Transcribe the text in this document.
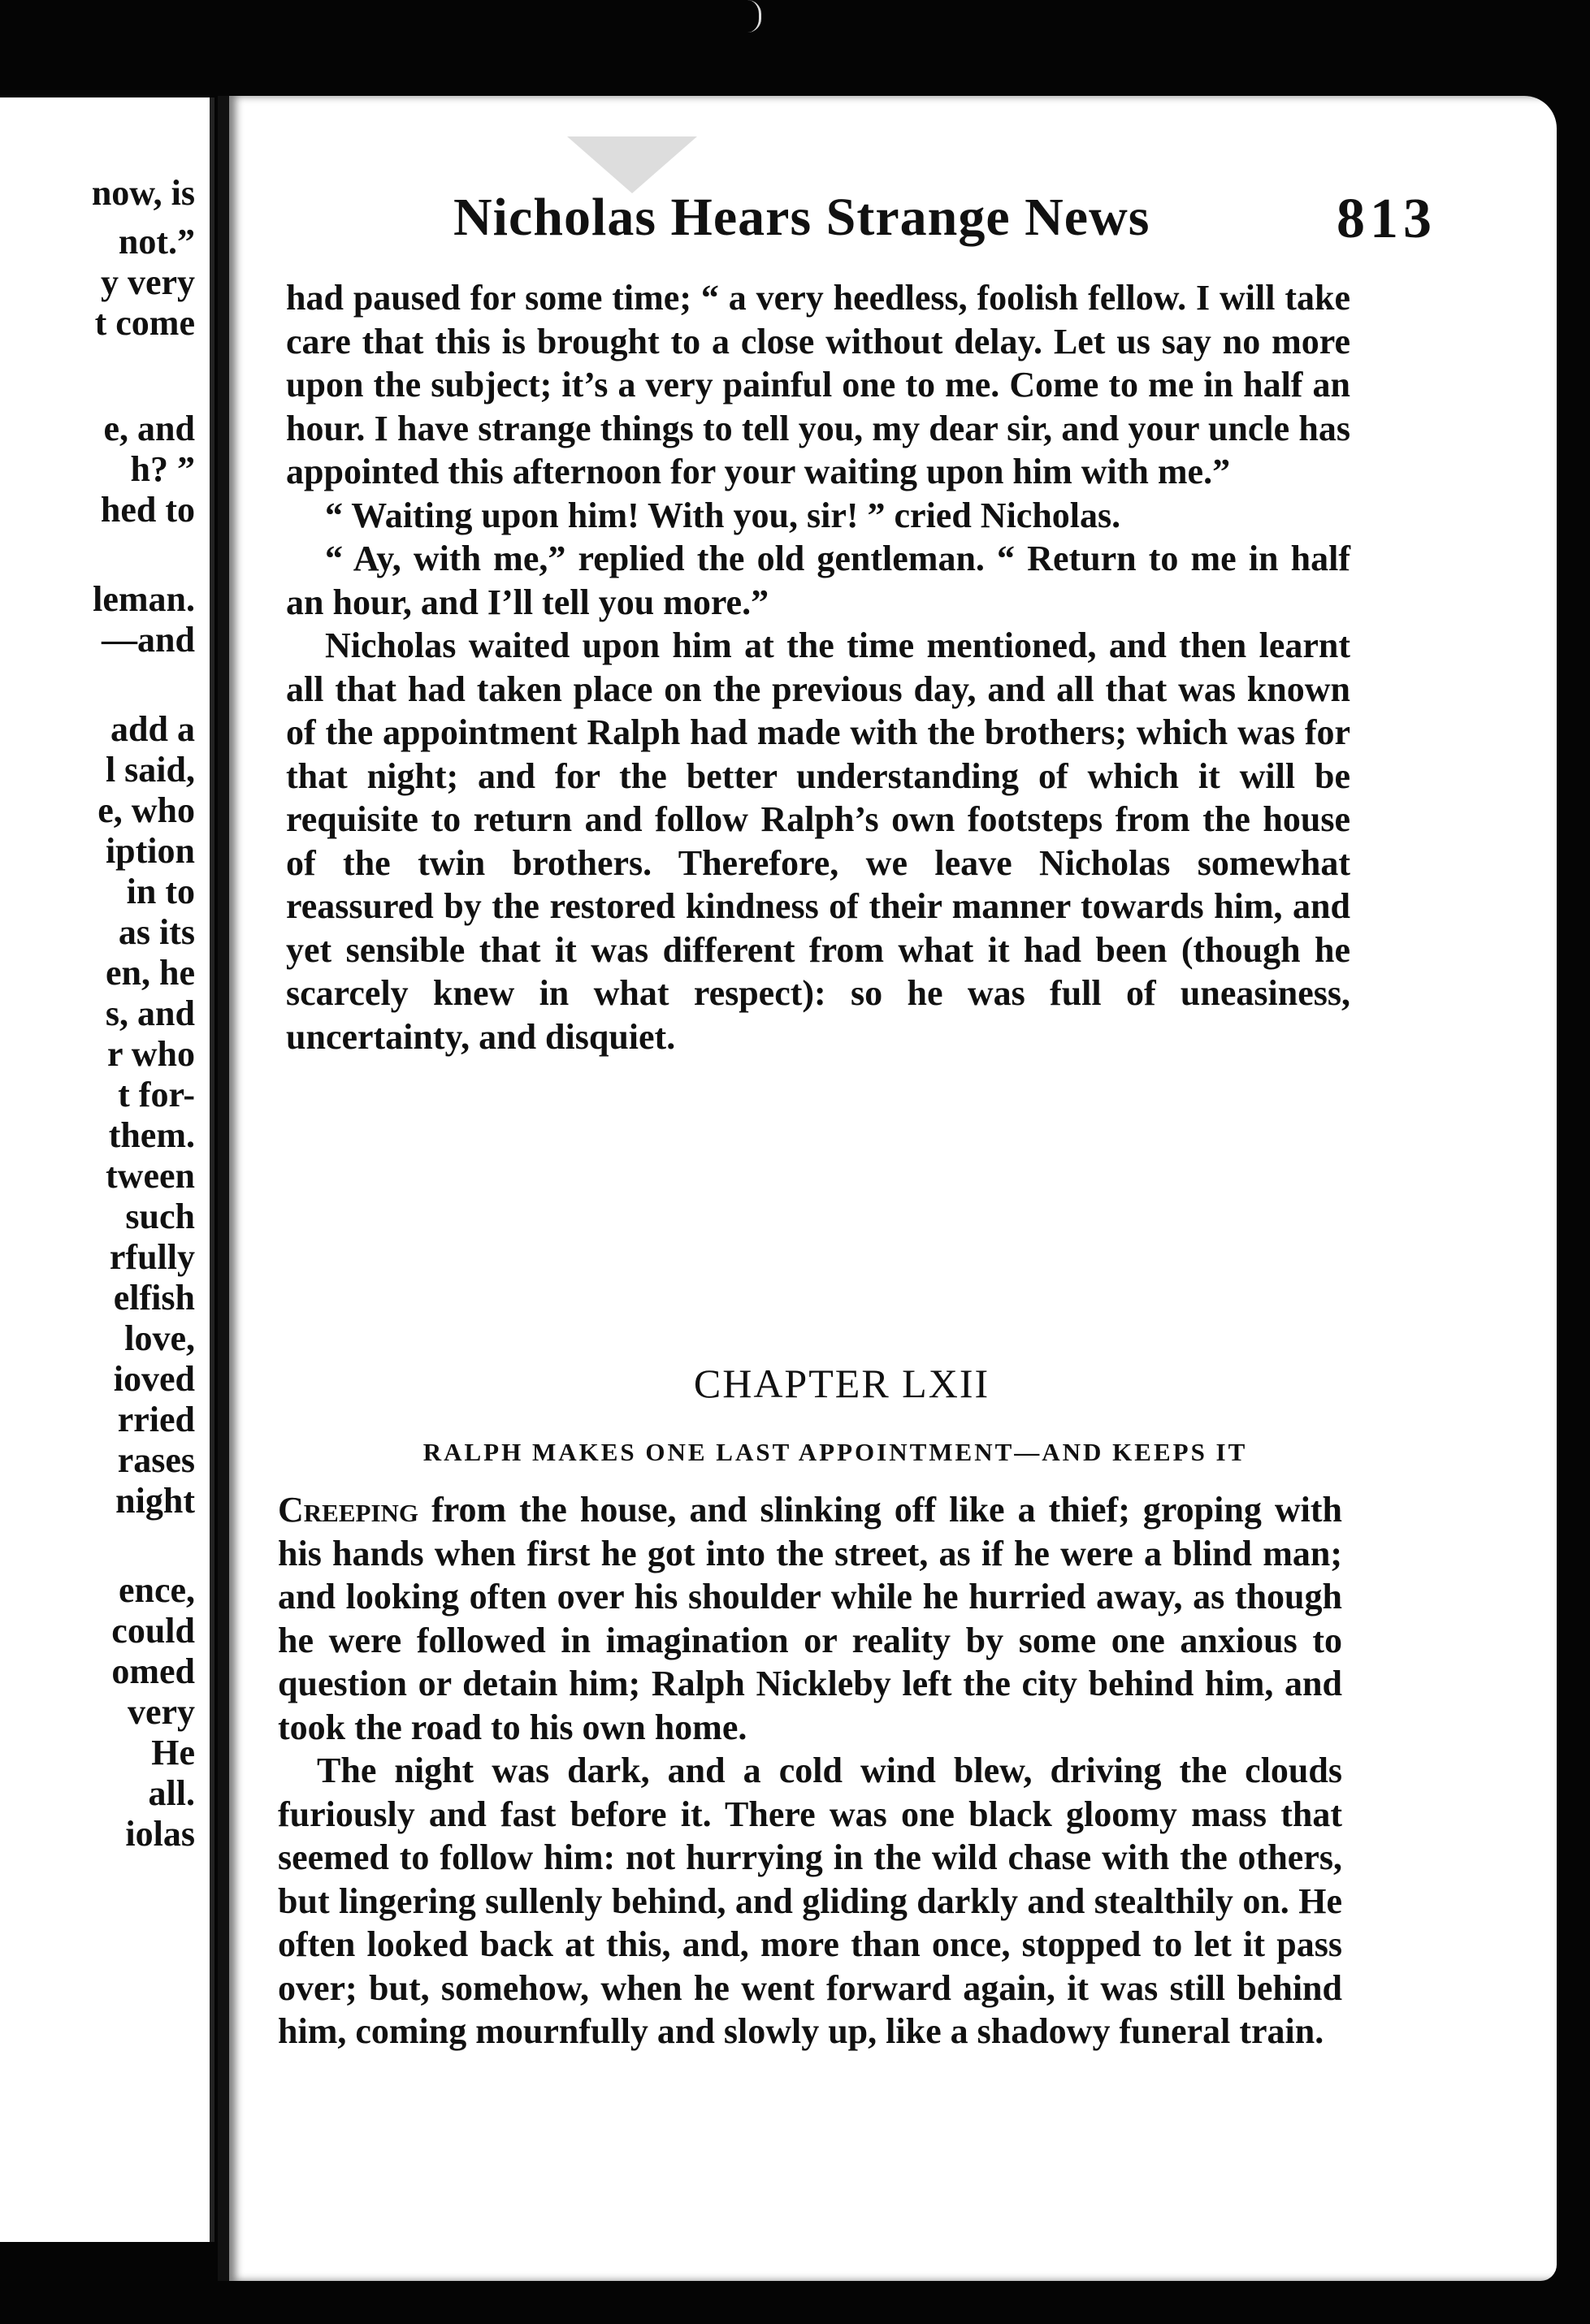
now, is
not.”
y very
t come
e, and
h? ”
hed to
leman.
—and
add a
l said,
e, who
iption
in to
as its
en, he
s, and
r who
t for-
them.
tween
such
rfully
elfish
love,
ioved
rried
rases
night
ence,
could
omed
very
He
all.
iolas
Nicholas Hears Strange News	813

had paused for some time; “ a very heedless, foolish fellow. I will take care that this is brought to a close without delay. Let us say no more upon the subject; it’s a very painful one to me. Come to me in half an hour. I have strange things to tell you, my dear sir, and your uncle has appointed this afternoon for your waiting upon him with me.”

“ Waiting upon him! With you, sir! ” cried Nicholas.

“ Ay, with me,” replied the old gentleman. “ Return to me in half an hour, and I’ll tell you more.”

Nicholas waited upon him at the time mentioned, and then learnt all that had taken place on the previous day, and all that was known of the appointment Ralph had made with the brothers; which was for that night; and for the better understanding of which it will be requisite to return and follow Ralph’s own footsteps from the house of the twin brothers. Therefore, we leave Nicholas somewhat reassured by the restored kindness of their manner towards him, and yet sensible that it was different from what it had been (though he scarcely knew in what respect): so he was full of uneasiness, uncertainty, and disquiet.

CHAPTER LXII
RALPH MAKES ONE LAST APPOINTMENT—AND KEEPS IT

Creeping from the house, and slinking off like a thief; groping with his hands when first he got into the street, as if he were a blind man; and looking often over his shoulder while he hurried away, as though he were followed in imagination or reality by some one anxious to question or detain him; Ralph Nickleby left the city behind him, and took the road to his own home.

The night was dark, and a cold wind blew, driving the clouds furiously and fast before it. There was one black gloomy mass that seemed to follow him: not hurrying in the wild chase with the others, but lingering sullenly behind, and gliding darkly and stealthily on. He often looked back at this, and, more than once, stopped to let it pass over; but, somehow, when he went forward again, it was still behind him, coming mournfully and slowly up, like a shadowy funeral train.
